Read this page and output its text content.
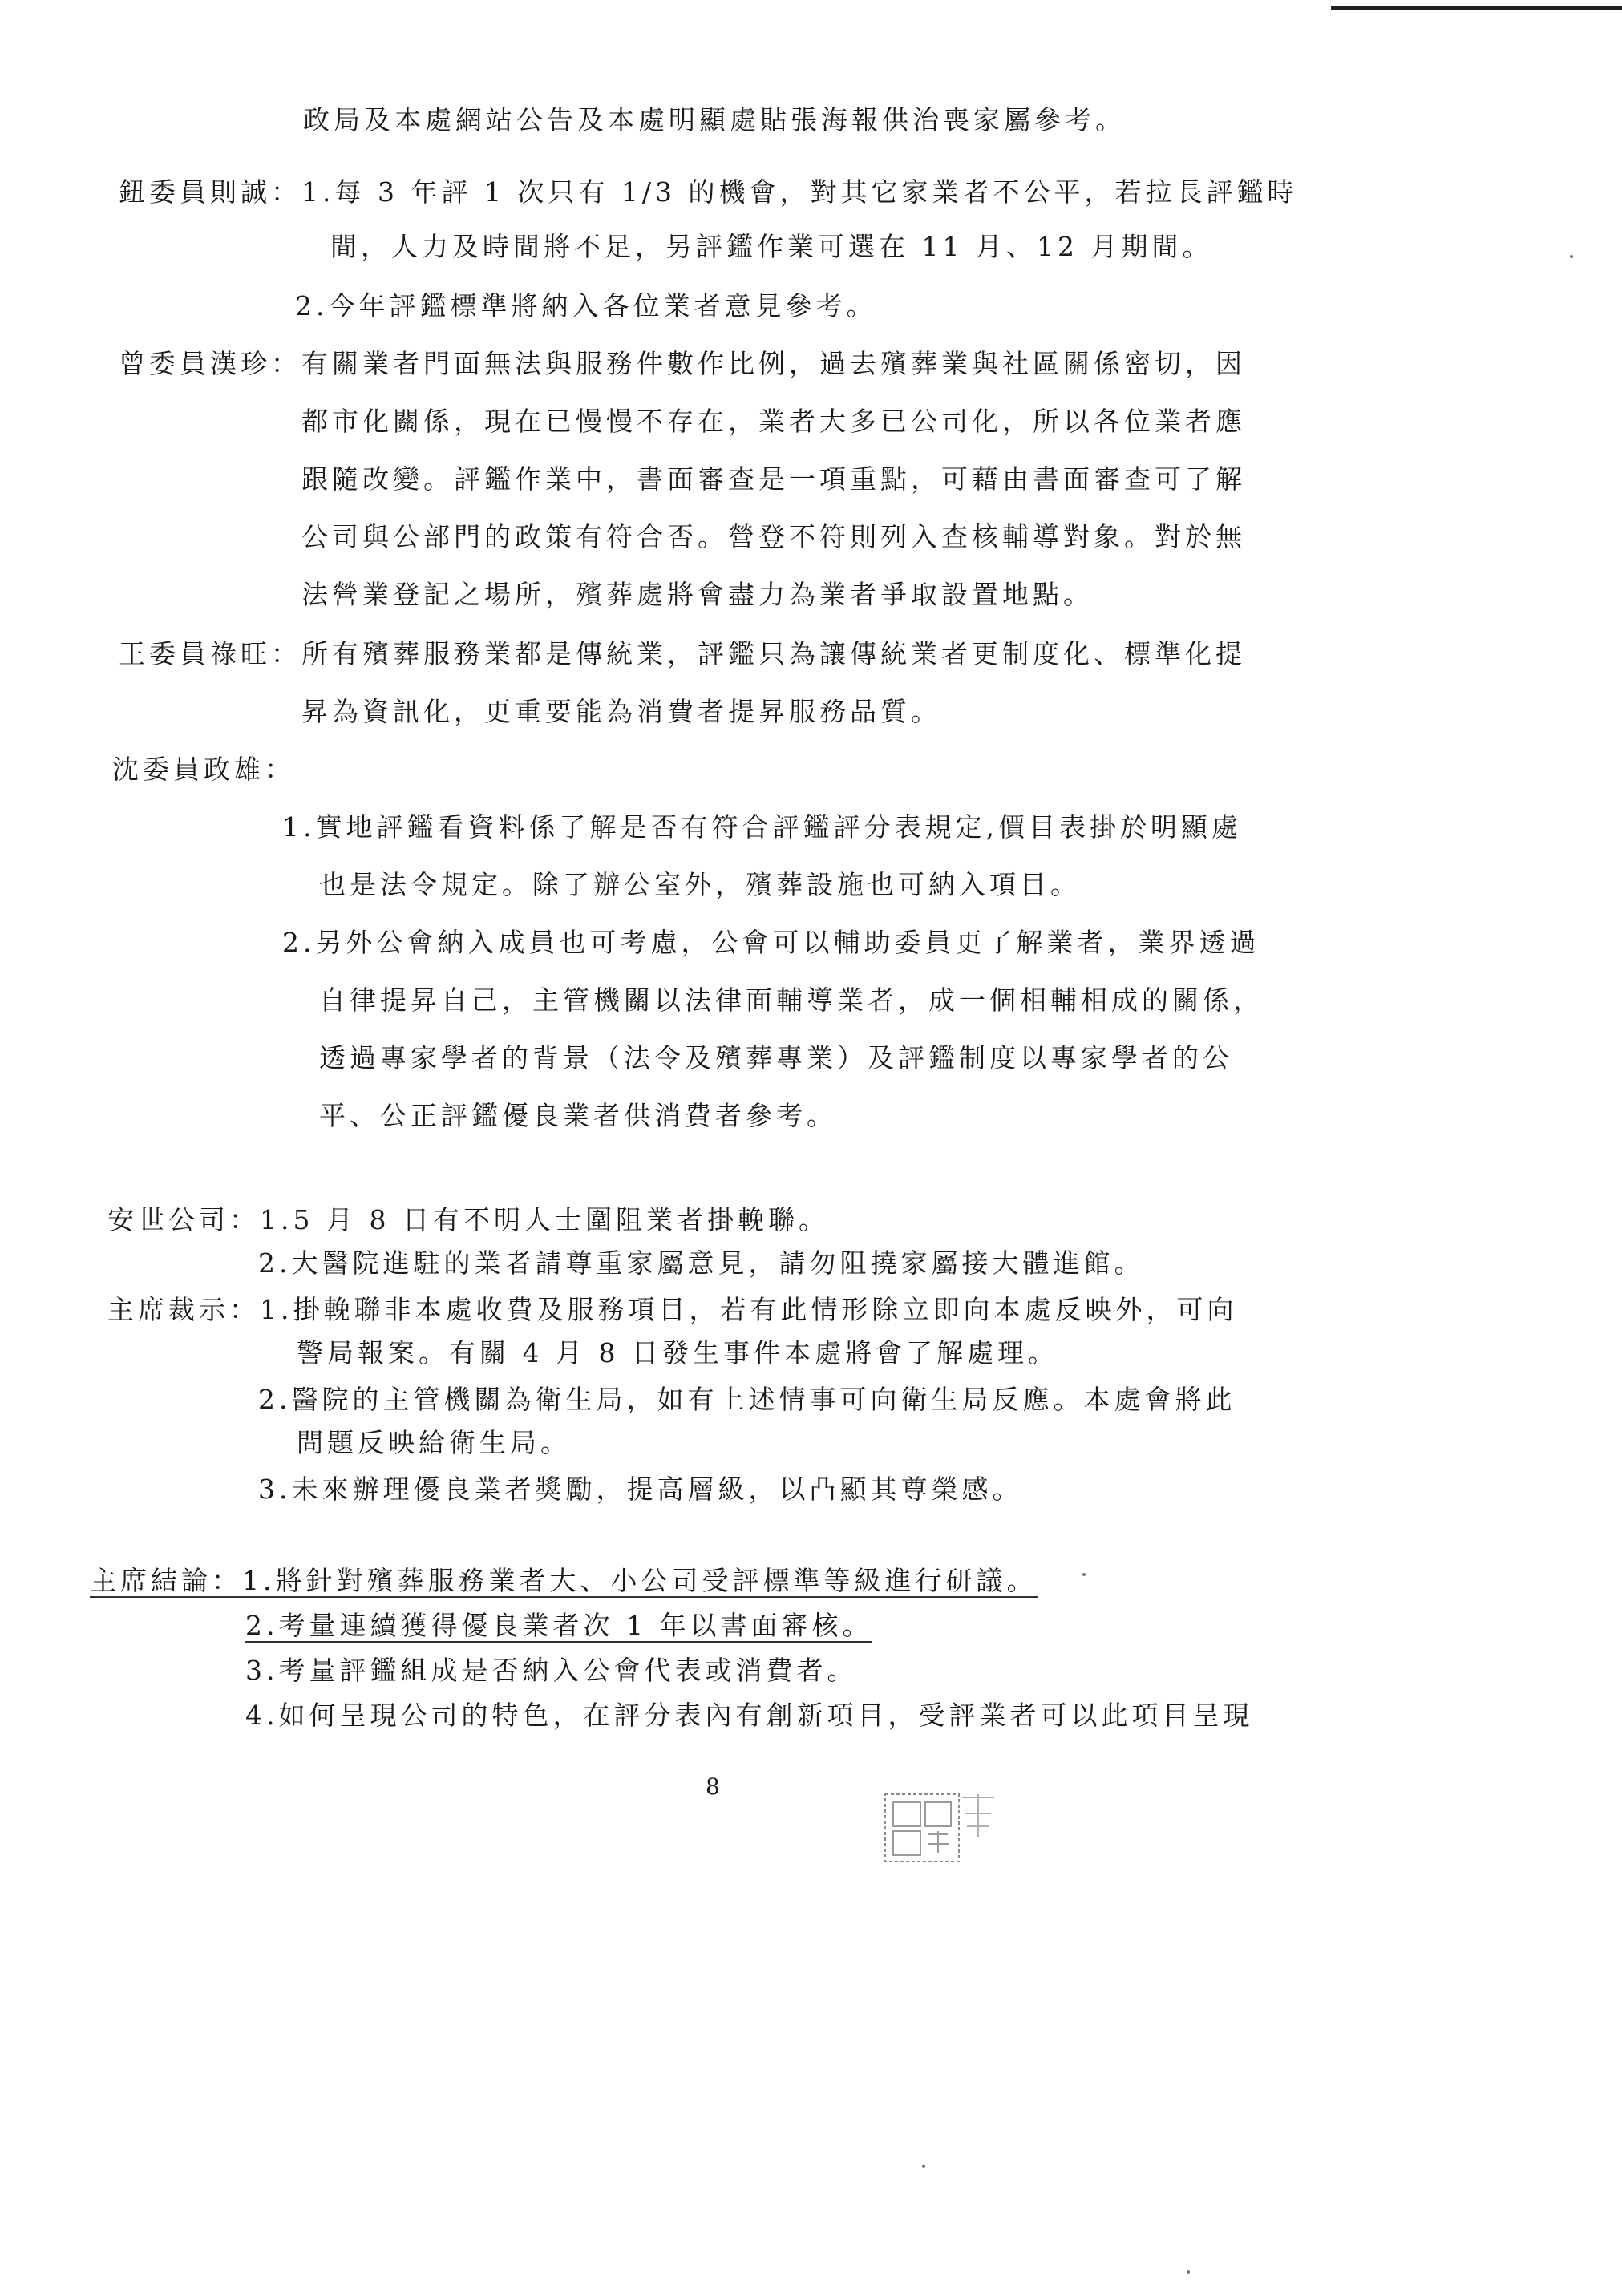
政局及本處網站公告及本處明顯處貼張海報供治喪家屬參考。
鈕委員則誠：1.每 3 年評 1 次只有 1/3 的機會，對其它家業者不公平，若拉長評鑑時
間，人力及時間將不足，另評鑑作業可選在 11 月、12 月期間。
2.今年評鑑標準將納入各位業者意見參考。
曾委員漢珍：有關業者門面無法與服務件數作比例，過去殯葬業與社區關係密切，因
都市化關係，現在已慢慢不存在，業者大多已公司化，所以各位業者應
跟隨改變。評鑑作業中，書面審查是一項重點，可藉由書面審查可了解
公司與公部門的政策有符合否。營登不符則列入查核輔導對象。對於無
法營業登記之場所，殯葬處將會盡力為業者爭取設置地點。
王委員祿旺：所有殯葬服務業都是傳統業，評鑑只為讓傳統業者更制度化、標準化提
昇為資訊化，更重要能為消費者提昇服務品質。
沈委員政雄：
1.實地評鑑看資料係了解是否有符合評鑑評分表規定,價目表掛於明顯處
也是法令規定。除了辦公室外，殯葬設施也可納入項目。
2.另外公會納入成員也可考慮，公會可以輔助委員更了解業者，業界透過
自律提昇自己，主管機關以法律面輔導業者，成一個相輔相成的關係，
透過專家學者的背景（法令及殯葬專業）及評鑑制度以專家學者的公
平、公正評鑑優良業者供消費者參考。
安世公司：1.5 月 8 日有不明人士圍阻業者掛輓聯。
2.大醫院進駐的業者請尊重家屬意見，請勿阻撓家屬接大體進館。
主席裁示：1.掛輓聯非本處收費及服務項目，若有此情形除立即向本處反映外，可向
警局報案。有關 4 月 8 日發生事件本處將會了解處理。
2.醫院的主管機關為衛生局，如有上述情事可向衛生局反應。本處會將此
問題反映給衛生局。
3.未來辦理優良業者獎勵，提高層級，以凸顯其尊榮感。
主席結論：1.將針對殯葬服務業者大、小公司受評標準等級進行研議。
2.考量連續獲得優良業者次 1 年以書面審核。
3.考量評鑑組成是否納入公會代表或消費者。
4.如何呈現公司的特色，在評分表內有創新項目，受評業者可以此項目呈現
8
